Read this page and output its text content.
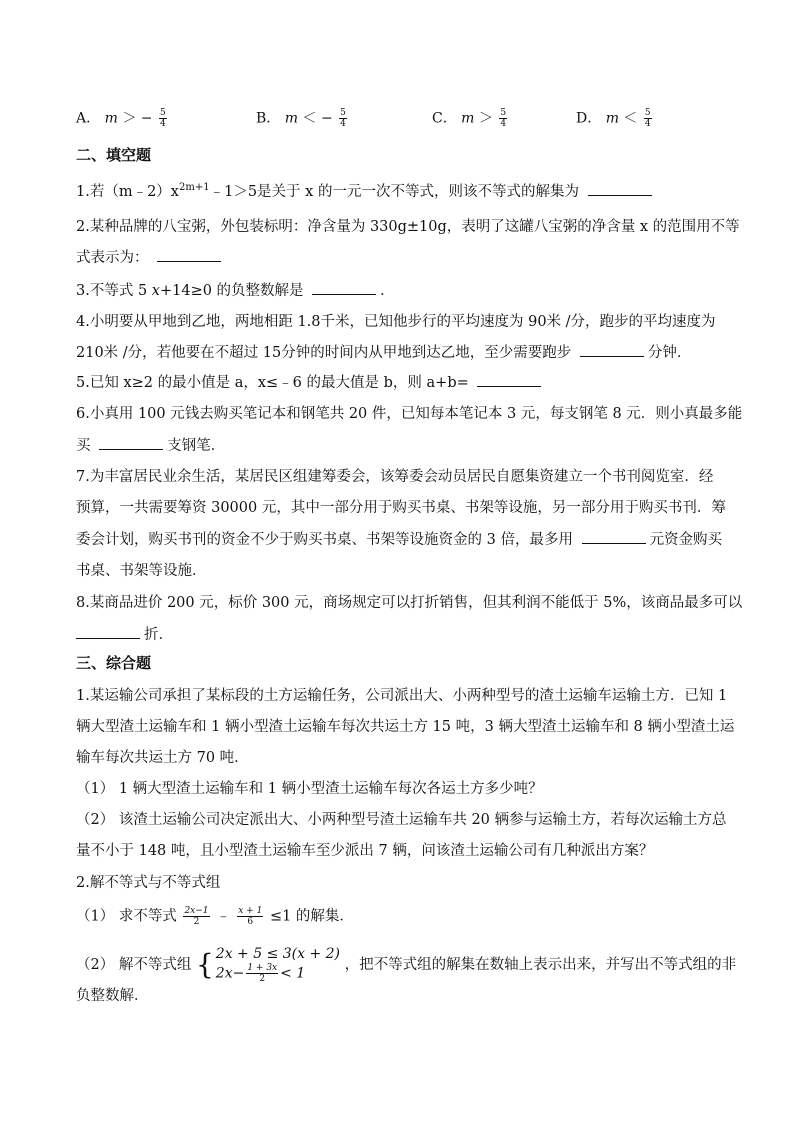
A． m ＞ − $\frac{5}{4}$	B． m ＜ − $\frac{5}{4}$	C． $m > \frac{5}{4}$	D． $m < \frac{5}{4}$
二、填空题
1.若$(m﹣2)x^{2m+1}﹣1>5$是关于 x 的一元一次不等式，则该不等式的解集为
2.某种品牌的八宝粥，外包装标明：净含量为 330g±10g，表明了这罐八宝粥的净含量 x 的范围用不等
式表示为：
3.不等式 5 x+14≥0 的负整数解是	．
4.小明要从甲地到乙地，两地相距 1.8千米，已知他步行的平均速度为 90米 /分，跑步的平均速度为
210米 /分，若他要在不超过 15分钟的时间内从甲地到达乙地，至少需要跑步	分钟．
5.已知 x≥2 的最小值是 a，x≤﹣6 的最大值是 b，则 a+b=
6.小真用 100 元钱去购买笔记本和钢笔共 20 件，已知每本笔记本 3 元，每支钢笔 8 元．则小真最多能
买	支钢笔．
7.为丰富居民业余生活，某居民区组建筹委会，该筹委会动员居民自愿集资建立一个书刊阅览室．经
预算，一共需要筹资 30000 元，其中一部分用于购买书桌、书架等设施，另一部分用于购买书刊．筹
委会计划，购买书刊的资金不少于购买书桌、书架等设施资金的 3 倍，最多用	元资金购买
书桌、书架等设施．
8.某商品进价 200 元，标价 300 元，商场规定可以打折销售，但其利润不能低于 5%，该商品最多可以
折．
三、综合题
1.某运输公司承担了某标段的土方运输任务，公司派出大、小两种型号的渣土运输车运输土方．已知 1
辆大型渣土运输车和 1 辆小型渣土运输车每次共运土方 15 吨，3 辆大型渣土运输车和 8 辆小型渣土运
输车每次共运土方 70 吨．
（1） 1 辆大型渣土运输车和 1 辆小型渣土运输车每次各运土方多少吨？
（2） 该渣土运输公司决定派出大、小两种型号渣土运输车共 20 辆参与运输土方，若每次运输土方总
量不小于 148 吨，且小型渣土运输车至少派出 7 辆，问该渣土运输公司有几种派出方案？
2.解不等式与不等式组
（1） 求不等式 $\frac{2x-1}{2}$ ﹣ $\frac{x + 1}{6} \le 1$ 的解集．
（2） 解不等式组 { 2x + 5 ≤ 3(x + 2)
$2x- \frac{1 + 3x}{2} < 1$
，把不等式组的解集在数轴上表示出来，并写出不等式组的非
负整数解．
